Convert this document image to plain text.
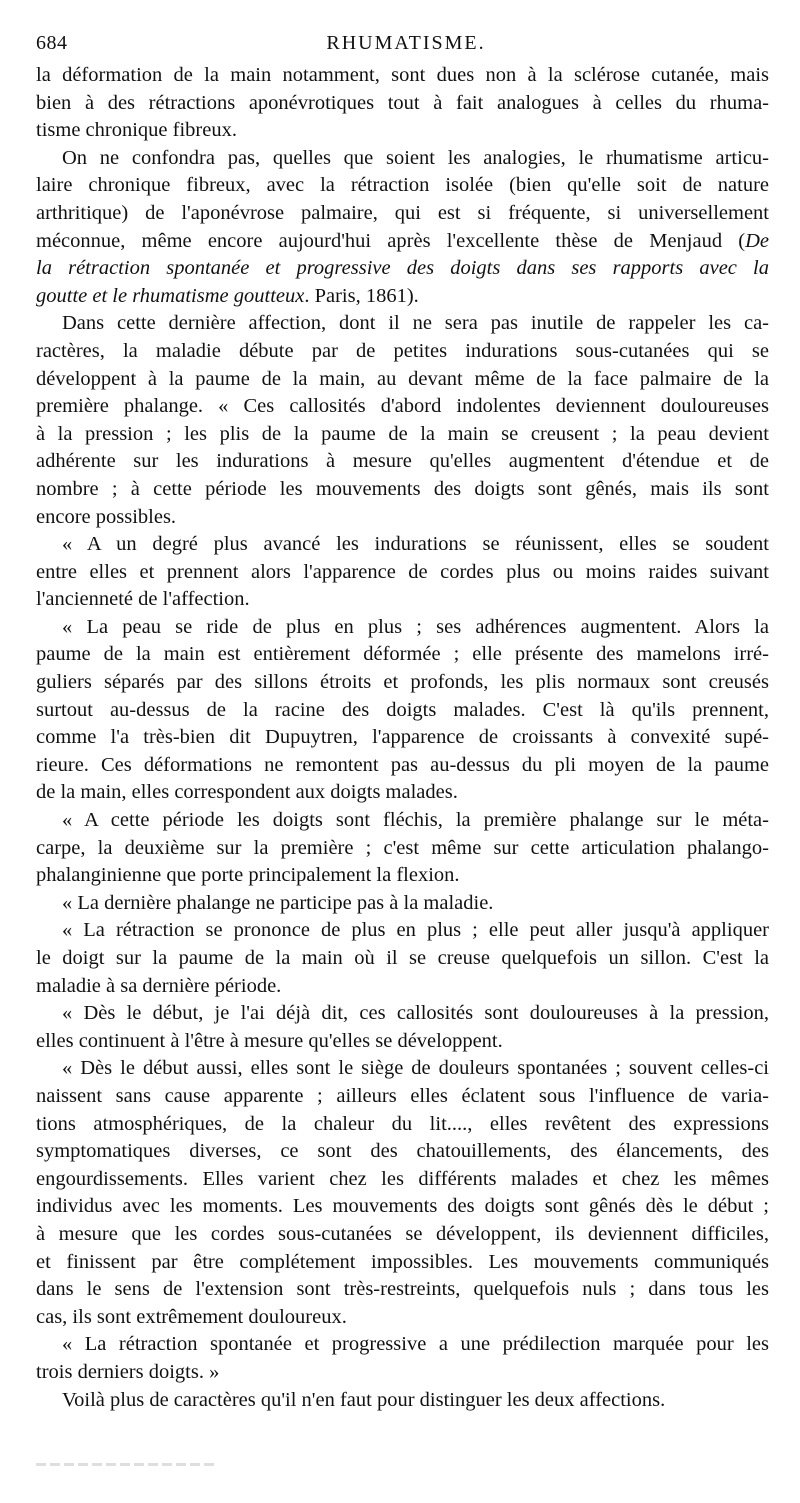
684	RHUMATISME.

la déformation de la main notamment, sont dues non à la sclérose cutanée, mais
bien à des rétractions aponévrotiques tout à fait analogues à celles du rhuma-
tisme chronique fibreux.

On ne confondra pas, quelles que soient les analogies, le rhumatisme articu-
laire chronique fibreux, avec la rétraction isolée (bien qu'elle soit de nature
arthritique) de l'aponévrose palmaire, qui est si fréquente, si universellement
méconnue, même encore aujourd'hui après l'excellente thèse de Menjaud (De
la rétraction spontanée et progressive des doigts dans ses rapports avec la
goutte et le rhumatisme goutteux. Paris, 1861).

Dans cette dernière affection, dont il ne sera pas inutile de rappeler les ca-
ractères, la maladie débute par de petites indurations sous-cutanées qui se
développent à la paume de la main, au devant même de la face palmaire de la
première phalange. « Ces callosités d'abord indolentes deviennent douloureuses
à la pression ; les plis de la paume de la main se creusent ; la peau devient
adhérente sur les indurations à mesure qu'elles augmentent d'étendue et de
nombre ; à cette période les mouvements des doigts sont gênés, mais ils sont
encore possibles.

« A un degré plus avancé les indurations se réunissent, elles se soudent
entre elles et prennent alors l'apparence de cordes plus ou moins raides suivant
l'ancienneté de l'affection.

« La peau se ride de plus en plus ; ses adhérences augmentent. Alors la
paume de la main est entièrement déformée ; elle présente des mamelons irré-
guliers séparés par des sillons étroits et profonds, les plis normaux sont creusés
surtout au-dessus de la racine des doigts malades. C'est là qu'ils prennent,
comme l'a très-bien dit Dupuytren, l'apparence de croissants à convexité supé-
rieure. Ces déformations ne remontent pas au-dessus du pli moyen de la paume
de la main, elles correspondent aux doigts malades.

« A cette période les doigts sont fléchis, la première phalange sur le méta-
carpe, la deuxième sur la première ; c'est même sur cette articulation phalango-
phalanginienne que porte principalement la flexion.

« La dernière phalange ne participe pas à la maladie.

« La rétraction se prononce de plus en plus ; elle peut aller jusqu'à appliquer
le doigt sur la paume de la main où il se creuse quelquefois un sillon. C'est la
maladie à sa dernière période.

« Dès le début, je l'ai déjà dit, ces callosités sont douloureuses à la pression,
elles continuent à l'être à mesure qu'elles se développent.

« Dès le début aussi, elles sont le siège de douleurs spontanées ; souvent celles-ci
naissent sans cause apparente ; ailleurs elles éclatent sous l'influence de varia-
tions atmosphériques, de la chaleur du lit...., elles revêtent des expressions
symptomatiques diverses, ce sont des chatouillements, des élancements, des
engourdissements. Elles varient chez les différents malades et chez les mêmes
individus avec les moments. Les mouvements des doigts sont gênés dès le début ;
à mesure que les cordes sous-cutanées se développent, ils deviennent difficiles,
et finissent par être complétement impossibles. Les mouvements communiqués
dans le sens de l'extension sont très-restreints, quelquefois nuls ; dans tous les
cas, ils sont extrêmement douloureux.

« La rétraction spontanée et progressive a une prédilection marquée pour les
trois derniers doigts. »

Voilà plus de caractères qu'il n'en faut pour distinguer les deux affections.
